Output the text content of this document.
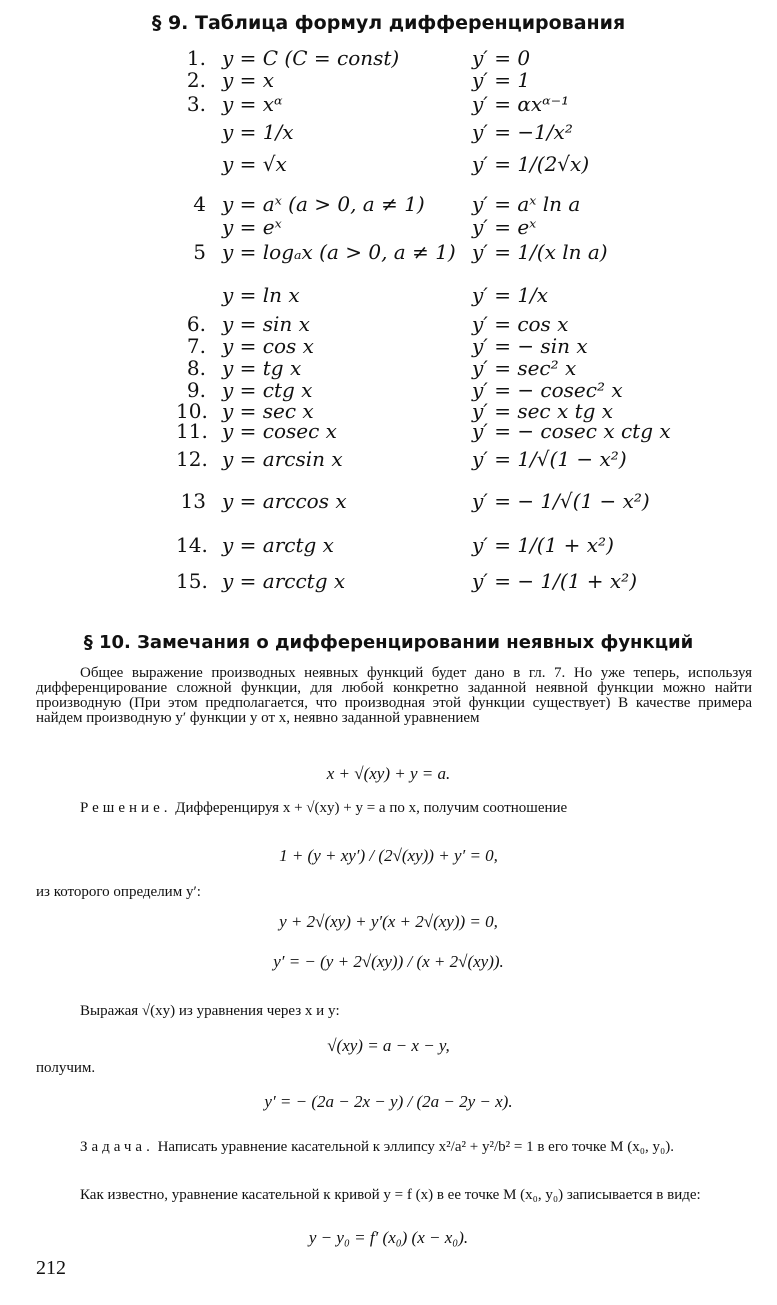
§ 9. Таблица формул дифференцирования
1. y = C (C = const)	y′ = 0
2. y = x	y′ = 1
3. y = xᵅ	y′ = αxᵅ⁻¹
y = 1/x	y′ = −1/x²
y = √x	y′ = 1/(2√x)
4 y = aˣ (a > 0, a ≠ 1) y′ = aˣ ln a
y = eˣ	y′ = eˣ
5 y = logₐx (a > 0, a ≠ 1) y′ = 1/(x ln a)
y = ln x	y′ = 1/x
6. y = sin x	y′ = cos x
7. y = cos x	y′ = − sin x
8. y = tg x	y′ = sec² x
9. y = ctg x	y′ = − cosec² x
10. y = sec x	y′ = sec x tg x
11. y = cosec x	y′ = − cosec x ctg x
12. y = arcsin x	y′ = 1/√(1 − x²)
13 y = arccos x	y′ = − 1/√(1 − x²)
14. y = arctg x	y′ = 1/(1 + x²)
15. y = arcctg x	y′ = − 1/(1 + x²)
§ 10. Замечания о дифференцировании неявных функций
Общее выражение производных неявных функций будет дано в гл. 7. Но уже теперь, используя дифференцирование сложной функции, для любой конкретно заданной неявной функции можно найти производную (При этом предполагается, что производная этой функции существует) В качестве примера найдем производную y′ функции y от x, неявно заданной уравнением
x + √(xy) + y = a.
Решение. Дифференцируя x + √(xy) + y = a по x, получим соотношение
1 + (y + xy′) / (2√(xy)) + y′ = 0,
из которого определим y′:
y + 2√(xy) + y′(x + 2√(xy)) = 0,
y′ = − (y + 2√(xy)) / (x + 2√(xy)).
Выражая √(xy) из уравнения через x и y:
√(xy) = a − x − y,
получим.
y′ = − (2a − 2x − y) / (2a − 2y − x).
Задача. Написать уравнение касательной к эллипсу x²/a² + y²/b² = 1 в его точке M (x₀, y₀).
Как известно, уравнение касательной к кривой y = f (x) в ее точке M (x₀, y₀) записывается в виде:
y − y₀ = f′ (x₀) (x − x₀).
212
